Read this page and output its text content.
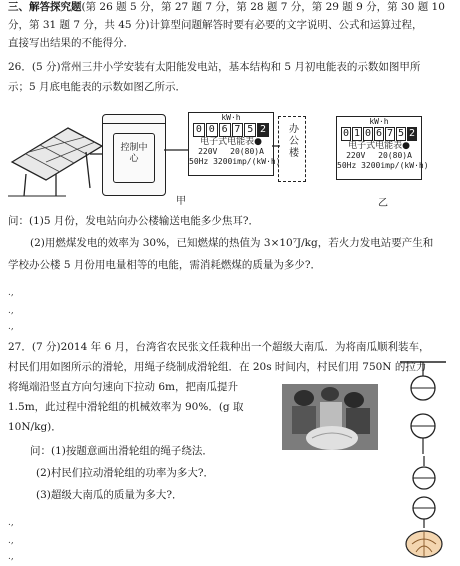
三、解答探究题(第 26 题 5 分，第 27 题 7 分，第 28 题 7 分，第 29 题 9 分，第 30 题 10
分，第 31 题 7 分，共 45 分)计算型问题解答时要有必要的文字说明、公式和运算过程，
直接写出结果的不能得分．
26．(5 分)常州三井小学安装有太阳能发电站，基本结构和 5 月初电能表的示数如图甲所
示；5 月底电能表的示数如图乙所示．
控制中心
kW·h
0 0 6 7 5 2
电子式电能表●
220V　 20(80)A
50Hz 3200imp/(kW·h)
办公楼
甲
kW·h
0 1 0 6 7 5 2
电子式电能表●
220V　 20(80)A
50Hz 3200imp/(kW·h)
乙
问：(1)5 月份，发电站向办公楼输送电能多少焦耳?．
(2)用燃煤发电的效率为 30%，已知燃煤的热值为 3×10⁷J/kg，若火力发电站要产生和
学校办公楼 5 月份用电量相等的电能，需消耗燃煤的质量为多少?．
.,
.,
.,
27．(7 分)2014 年 6 月，台湾省农民张文任栽种出一个超级大南瓜．为将南瓜顺利装车，
村民们用如图所示的滑轮，用绳子绕制成滑轮组．在 20s 时间内，村民们用 750N 的拉力
将绳端沿竖直方向匀速向下拉动 6m，把南瓜提升
1.5m，此过程中滑轮组的机械效率为 90%．(g 取
10N/kg)．
问：(1)按题意画出滑轮组的绳子绕法．
(2)村民们拉动滑轮组的功率为多大?．
(3)超级大南瓜的质量为多大?．
.,
.,
.,
